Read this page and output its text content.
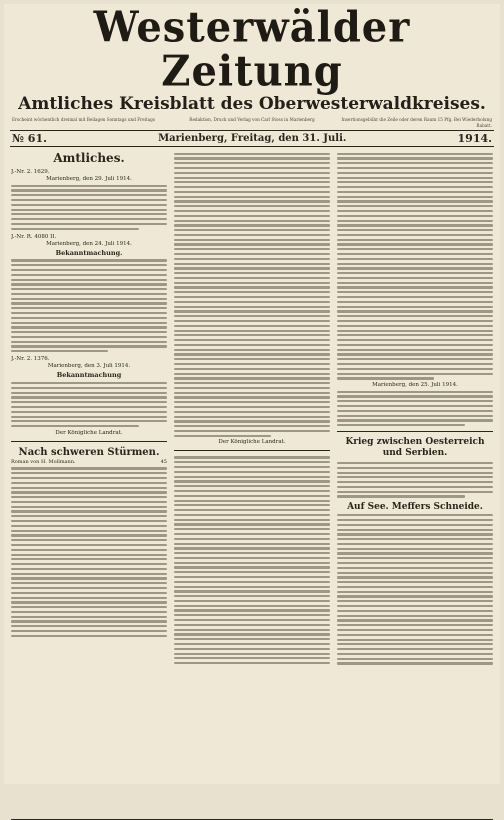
Westerwälder Zeitung
Amtliches Kreisblatt des Oberwesterwaldkreises.
Erscheint wöchentlich dreimal mit Beilagen Sonntags und Freitags	Redaktion, Druck und Verlag von Carl Stoss in Marienberg	Insertionsgebühr die Zeile oder deren Raum 15 Pfg. Bei Wiederholung Rabatt.
№ 61.	Marienberg, Freitag, den 31. Juli.	1914.
Amtliches.
J.-Nr. 2. 1629.
Marienberg, den 29. Juli 1914.
J.-Nr. R. 4080 II.
Marienberg, den 24. Juli 1914.
Bekanntmachung.
J.-Nr. 2. 1376.
Marienberg, den 3. Juli 1914.
Bekanntmachung
Der Königliche Landrat.
Nach schweren Stürmen.
Roman von H. Mollmann.	45
Der Königliche Landrat.
Marienberg, den 25. Juli 1914.
Krieg zwischen Oesterreich und Serbien.
Auf See. Meffers Schneide.
